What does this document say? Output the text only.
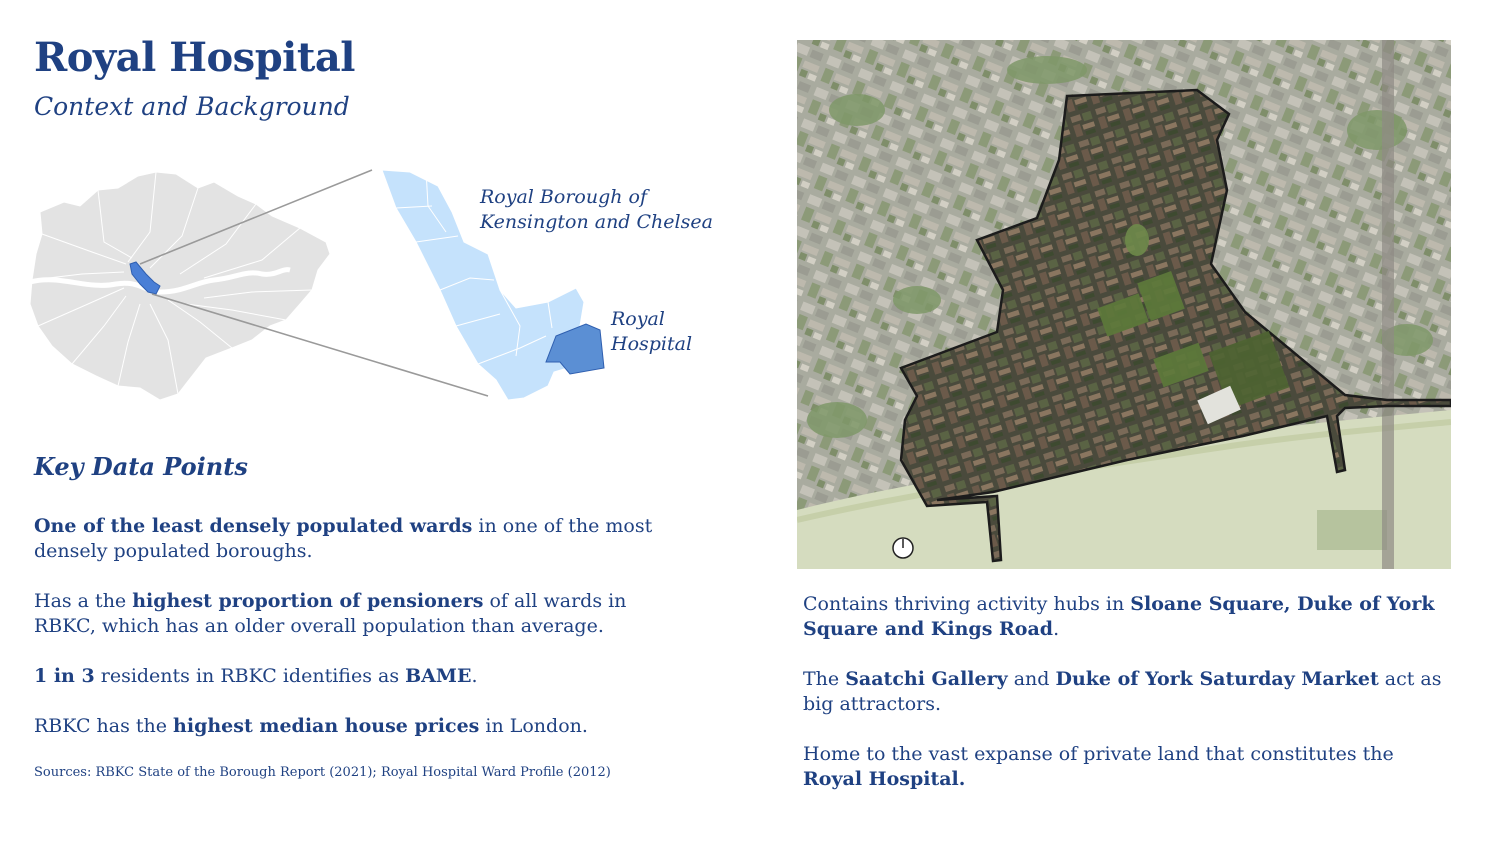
Royal Hospital
Context and Background
Royal Borough of
Kensington and Chelsea
Royal
Hospital
Key Data Points

One of the least densely populated wards in one of the most densely populated boroughs.

Has a the highest proportion of pensioners of all wards in RBKC, which has an older overall population than average.

1 in 3 residents in RBKC identifies as BAME.

RBKC has the highest median house prices in London.

Sources: RBKC State of the Borough Report (2021); Royal Hospital Ward Profile (2012)

Contains thriving activity hubs in Sloane Square, Duke of York Square and Kings Road.

The Saatchi Gallery and Duke of York Saturday Market act as big attractors.

Home to the vast expanse of private land that constitutes the Royal Hospital.
